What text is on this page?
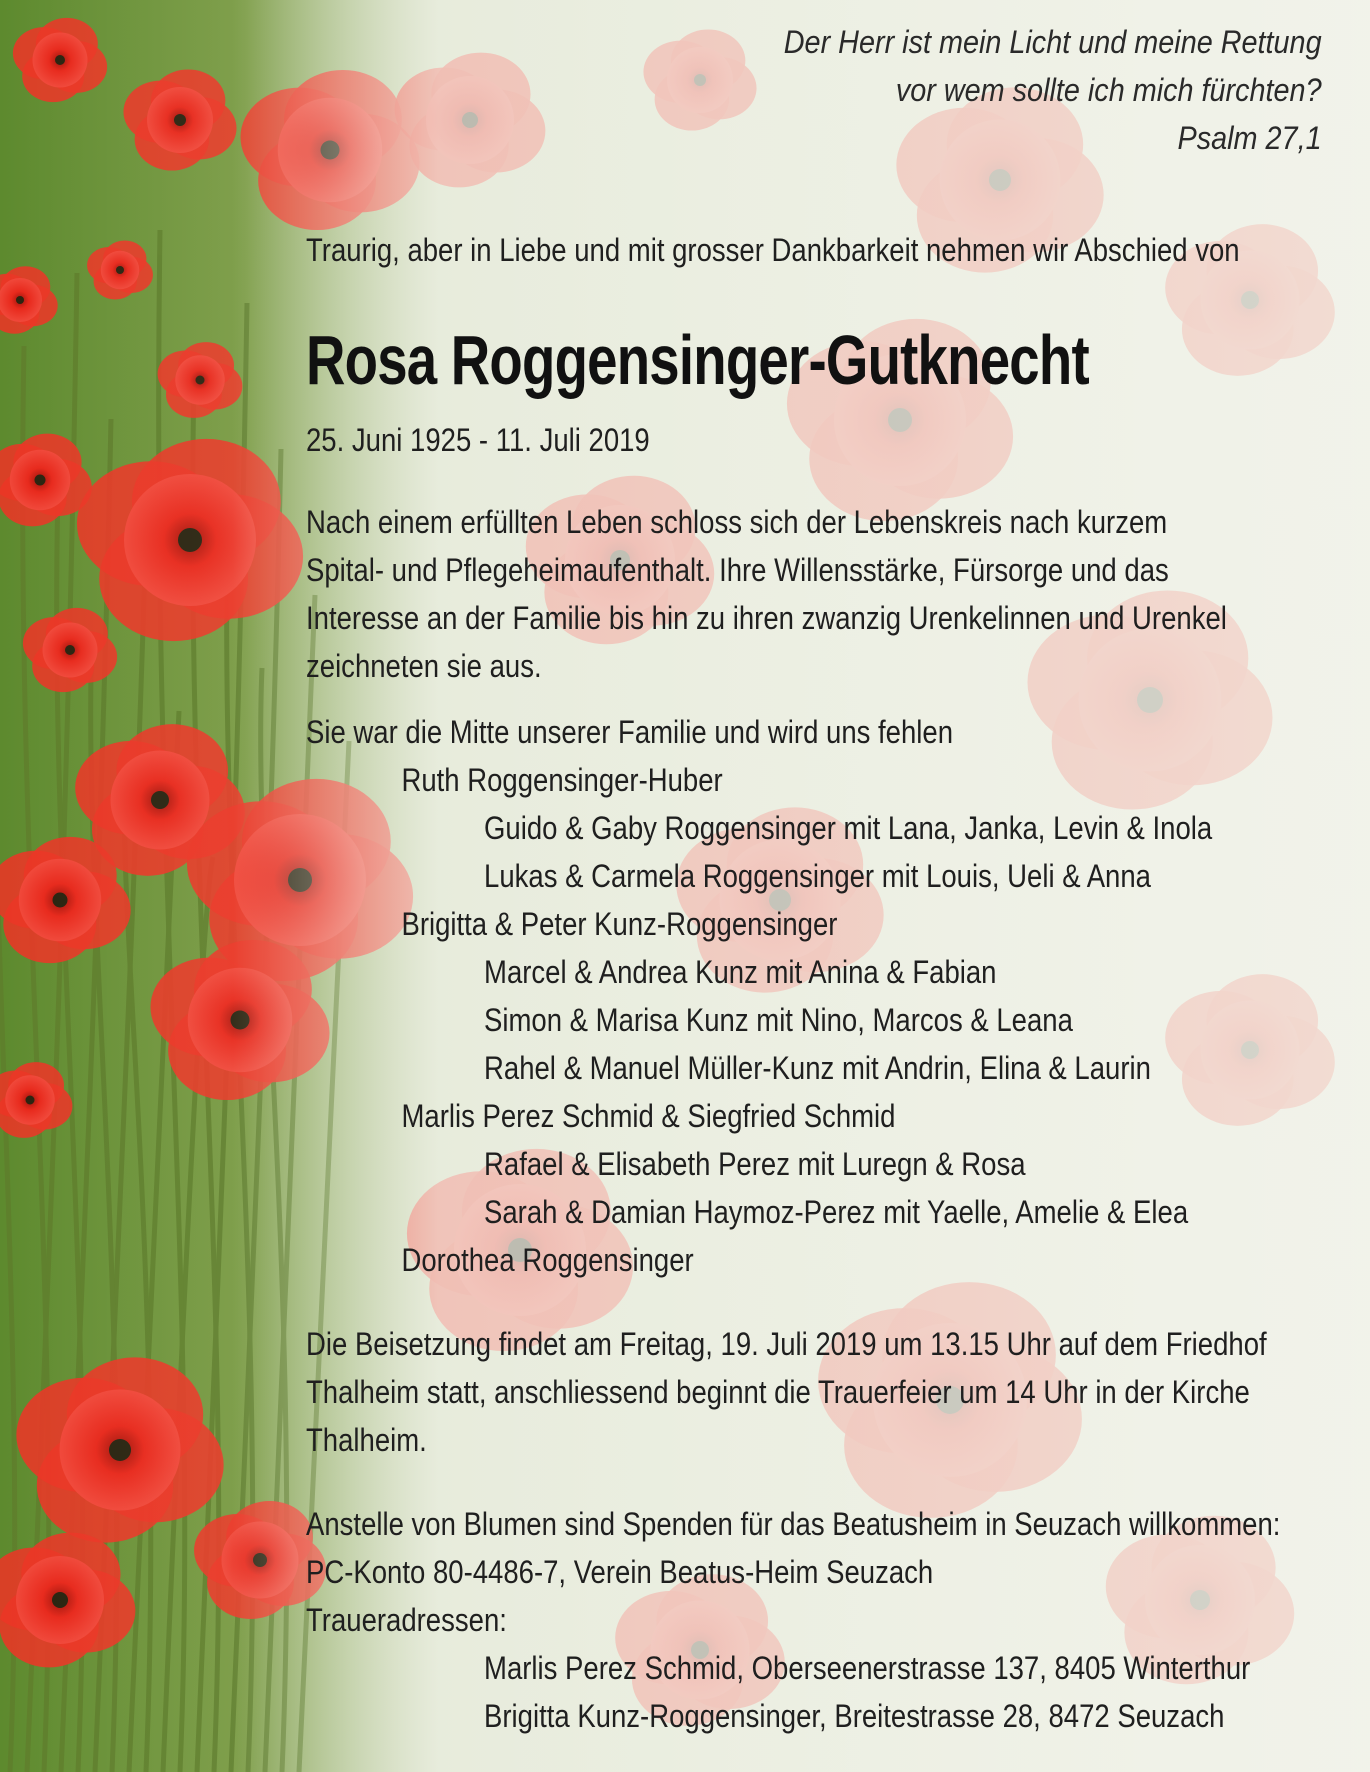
Der Herr ist mein Licht und meine Rettung
vor wem sollte ich mich fürchten?
Psalm 27,1
Traurig, aber in Liebe und mit grosser Dankbarkeit nehmen wir Abschied von
Rosa Roggensinger-Gutknecht
25. Juni 1925 - 11. Juli 2019
Nach einem erfüllten Leben schloss sich der Lebenskreis nach kurzem
Spital- und Pflegeheimaufenthalt. Ihre Willensstärke, Fürsorge und das
Interesse an der Familie bis hin zu ihren zwanzig Urenkelinnen und Urenkel
zeichneten sie aus.
Sie war die Mitte unserer Familie und wird uns fehlen
Ruth Roggensinger-Huber
Guido & Gaby Roggensinger mit Lana, Janka, Levin & Inola
Lukas & Carmela Roggensinger mit Louis, Ueli & Anna
Brigitta & Peter Kunz-Roggensinger
Marcel & Andrea Kunz mit Anina & Fabian
Simon & Marisa Kunz mit Nino, Marcos & Leana
Rahel & Manuel Müller-Kunz mit Andrin, Elina & Laurin
Marlis Perez Schmid & Siegfried Schmid
Rafael & Elisabeth Perez mit Luregn & Rosa
Sarah & Damian Haymoz-Perez mit Yaelle, Amelie & Elea
Dorothea Roggensinger
Die Beisetzung findet am Freitag, 19. Juli 2019 um 13.15 Uhr auf dem Friedhof
Thalheim statt, anschliessend beginnt die Trauerfeier um 14 Uhr in der Kirche
Thalheim.
Anstelle von Blumen sind Spenden für das Beatusheim in Seuzach willkommen:
PC-Konto 80-4486-7, Verein Beatus-Heim Seuzach
Traueradressen:
Marlis Perez Schmid, Oberseenerstrasse 137, 8405 Winterthur
Brigitta Kunz-Roggensinger, Breitestrasse 28, 8472 Seuzach
